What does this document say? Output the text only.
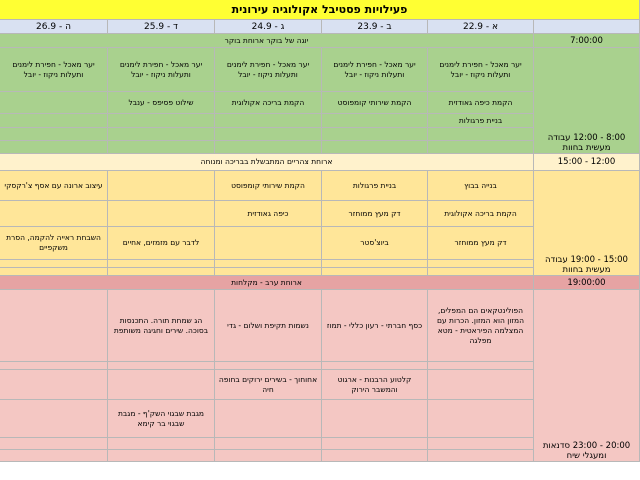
פעילויות פסטיבל אקולוגיה עירונית
א - 22.9
ב - 23.9
ג - 24.9
ד - 25.9
ה - 26.9
7:00:00
יוגה של בוקר ארוחת בוקר
8:00 - 12:00 עבודה מעשית בחוות
יער מאכל - חפירת לימנים ותעלות ניקוז - יובל
יער מאכל - חפירת לימנים ותעלות ניקוז - יובל
יער מאכל - חפירת לימנים ותעלות ניקוז - יובל
יער מאכל - חפירת לימנים ותעלות ניקוז - יובל
יער מאכל - חפירת לימנים ותעלות ניקוז - יובל
הקמת כיפה גאודזית
הקמת שירותי קומפוסט
הקמת בריכה אקולוגית
שילוט פסיפס - ענבל
בניית פרגולות
12:00 - 15:00
ארוחת צהריים המתבשלת בבריכה ומנוחה
15:00 - 19:00 עבודה מעשית בחוות
בנייה בבוץ
בניית פרגולות
הקמת שירותי קומפוסט
עיצוב ארונה עם אסף צ'רקסקי
הקמת בריכה אקולוגית
דק מעץ ממוחזר
כיפה גאודזית
דק מעץ ממוחזר
ביוצ'סטר
לדבר עם מזמזים, אחיים
השבחת ראייה להקמה, הסרת משקפיים
19:00:00
ארוחת ערב - מקלחות
20:00 - 23:00 סדנאות ומעגלי שיח
הפולינטקאים הם המפלים, המזון הוא המזון. הכרות עם המצלמה הפיראטית - מטא מפלגה
כסף חברתי - רעון כללי - תמוז
נשמות תקיפת ושלום - גדי
הג שמחת תורה. התכנסות בסוכה. שירים וחגיגה משותפת
קלטוע הרבנות - ארגוט והמשבר הירוק
אחוחוך - בשירים ירוקים בחופה חיה
מגבת שבגוי השק'ף - מגבת שבגוי בר קימא
